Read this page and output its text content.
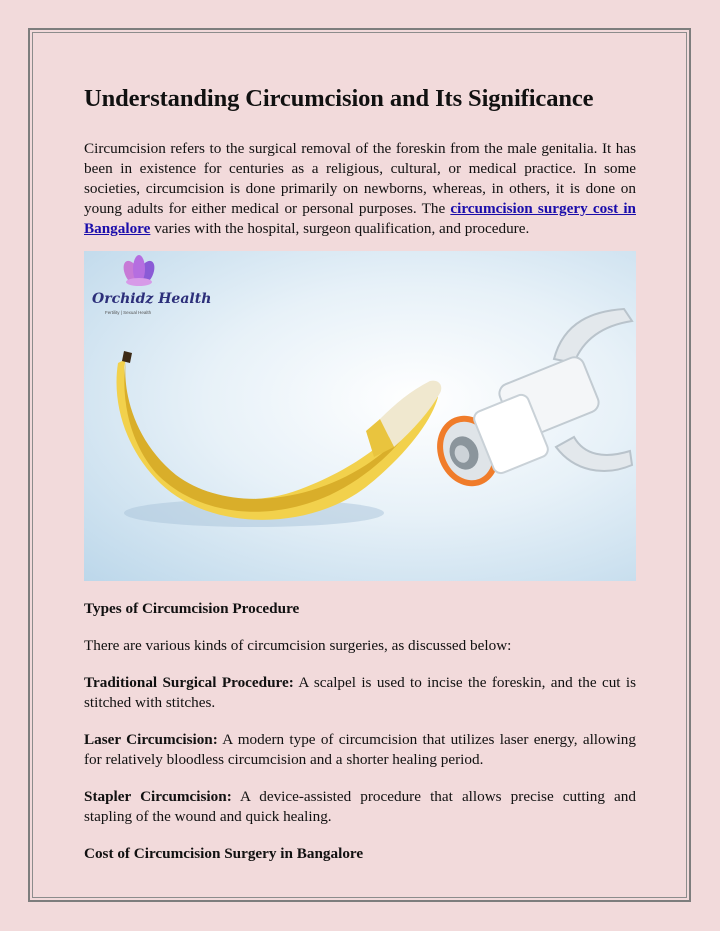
Understanding Circumcision and Its Significance

Circumcision refers to the surgical removal of the foreskin from the male genitalia. It has been in existence for centuries as a religious, cultural, or medical practice. In some societies, circumcision is done primarily on newborns, whereas, in others, it is done on young adults for either medical or personal purposes. The circumcision surgery cost in Bangalore varies with the hospital, surgeon qualification, and procedure.

Orchidz Health
Fertility | Sexual Health
Types of Circumcision Procedure

There are various kinds of circumcision surgeries, as discussed below:

Traditional Surgical Procedure: A scalpel is used to incise the foreskin, and the cut is stitched with stitches.

Laser Circumcision: A modern type of circumcision that utilizes laser energy, allowing for relatively bloodless circumcision and a shorter healing period.

Stapler Circumcision: A device-assisted procedure that allows precise cutting and stapling of the wound and quick healing.

Cost of Circumcision Surgery in Bangalore
